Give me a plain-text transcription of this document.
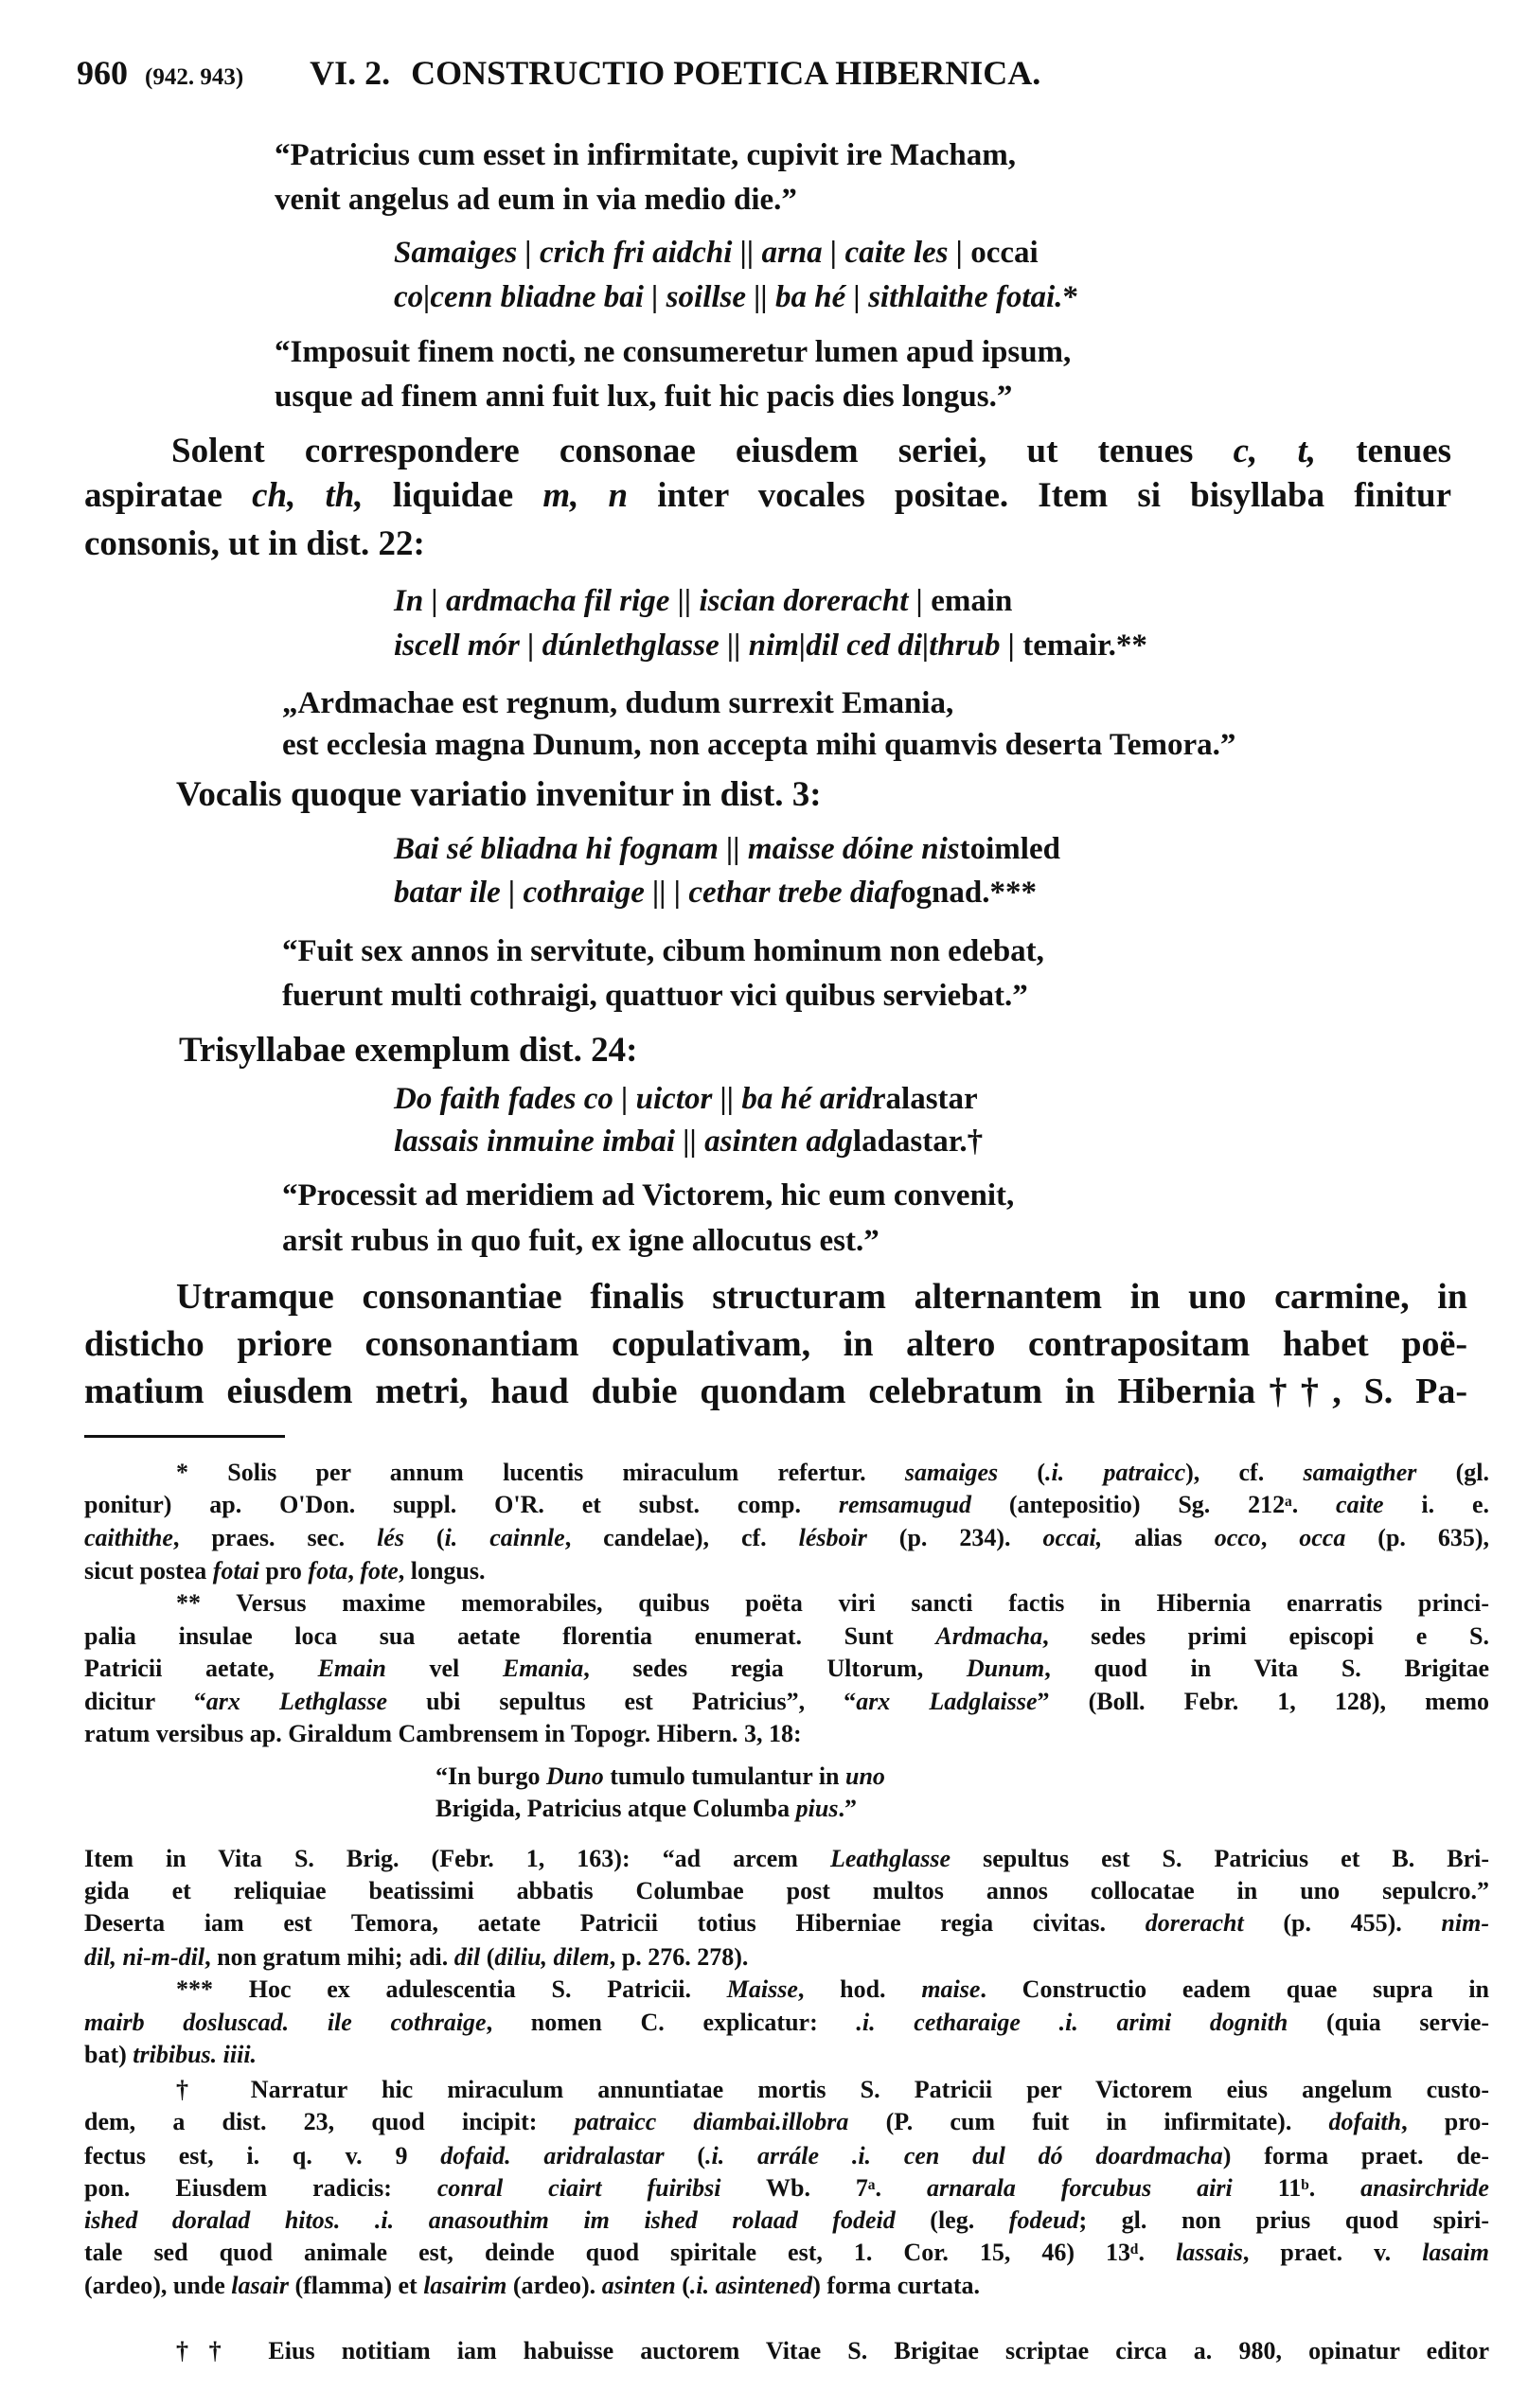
960 (942. 943) VI. 2. CONSTRUCTIO POETICA HIBERNICA.
“Patricius cum esset in infirmitate, cupivit ire Macham,
venit angelus ad eum in via medio die.”
Samaiges | crich fri aidchi || arna | caite les | occai
co|cenn bliadne bai | soillse || ba hé | sithlaithe fotai.*
“Imposuit finem nocti, ne consumeretur lumen apud ipsum,
usque ad finem anni fuit lux, fuit hic pacis dies longus.”
Solent correspondere consonae eiusdem seriei, ut tenues c, t, tenues
aspiratae ch, th, liquidae m, n inter vocales positae. Item si bisyllaba finitur
consonis, ut in dist. 22:
In | ardmacha fil rige || iscian doreracht | emain
iscell mór | dúnlethglasse || nim|dil ced di|thrub | temair.**
„Ardmachae est regnum, dudum surrexit Emania,
est ecclesia magna Dunum, non accepta mihi quamvis deserta Temora.”
Vocalis quoque variatio invenitur in dist. 3:
Bai sé bliadna hi fognam || maisse dóine nistoimled
batar ile | cothraige || | cethar trebe diafognad.***
“Fuit sex annos in servitute, cibum hominum non edebat,
fuerunt multi cothraigi, quattuor vici quibus serviebat.”
Trisyllabae exemplum dist. 24:
Do faith fades co | uictor || ba hé aridralastar
lassais inmuine imbai || asinten adgladastar.†
“Processit ad meridiem ad Victorem, hic eum convenit,
arsit rubus in quo fuit, ex igne allocutus est.”
Utramque consonantiae finalis structuram alternantem in uno carmine, in
disticho priore consonantiam copulativam, in altero contrapositam habet poë-
matium eiusdem metri, haud dubie quondam celebratum in Hibernia††, S. Pa-
* Solis per annum lucentis miraculum refertur. samaiges (.i. patraicc), cf. samaigther (gl.
ponitur) ap. O'Don. suppl. O'R. et subst. comp. remsamugud (antepositio) Sg. 212ᵃ. caite i. e.
caithithe, praes. sec. lés (i. cainnle, candelae), cf. lésboir (p. 234). occai, alias occo, occa (p. 635),
sicut postea fotai pro fota, fote, longus.
** Versus maxime memorabiles, quibus poëta viri sancti factis in Hibernia enarratis princi-
palia insulae loca sua aetate florentia enumerat. Sunt Ardmacha, sedes primi episcopi e S.
Patricii aetate, Emain vel Emania, sedes regia Ultorum, Dunum, quod in Vita S. Brigitae
dicitur “arx Lethglasse ubi sepultus est Patricius”, “arx Ladglaisse” (Boll. Febr. 1, 128), memo
ratum versibus ap. Giraldum Cambrensem in Topogr. Hibern. 3, 18:
“In burgo Duno tumulo tumulantur in uno
Brigida, Patricius atque Columba pius.”
Item in Vita S. Brig. (Febr. 1, 163): “ad arcem Leathglasse sepultus est S. Patricius et B. Bri-
gida et reliquiae beatissimi abbatis Columbae post multos annos collocatae in uno sepulcro.”
Deserta iam est Temora, aetate Patricii totius Hiberniae regia civitas. doreracht (p. 455). nim-
dil, ni-m-dil, non gratum mihi; adi. dil (diliu, dilem, p. 276. 278).
*** Hoc ex adulescentia S. Patricii. Maisse, hod. maise. Constructio eadem quae supra in
mairb dosluscad. ile cothraige, nomen C. explicatur: .i. cetharaige .i. arimi dognith (quia servie-
bat) tribibus. iiii.
† Narratur hic miraculum annuntiatae mortis S. Patricii per Victorem eius angelum custo-
dem, a dist. 23, quod incipit: patraicc diambai.illobra (P. cum fuit in infirmitate). dofaith, pro-
fectus est, i. q. v. 9 dofaid. aridralastar (.i. arrále .i. cen dul dó doardmacha) forma praet. de-
pon. Eiusdem radicis: conral ciairt fuiribsi Wb. 7ᵃ. arnarala forcubus airi 11ᵇ. anasirchride
ished doralad hitos. .i. anasouthim im ished rolaad fodeid (leg. fodeud; gl. non prius quod spiri-
tale sed quod animale est, deinde quod spiritale est, 1. Cor. 15, 46) 13ᵈ. lassais, praet. v. lasaim
(ardeo), unde lasair (flamma) et lasairim (ardeo). asinten (.i. asintened) forma curtata.
†† Eius notitiam iam habuisse auctorem Vitae S. Brigitae scriptae circa a. 980, opinatur editor
